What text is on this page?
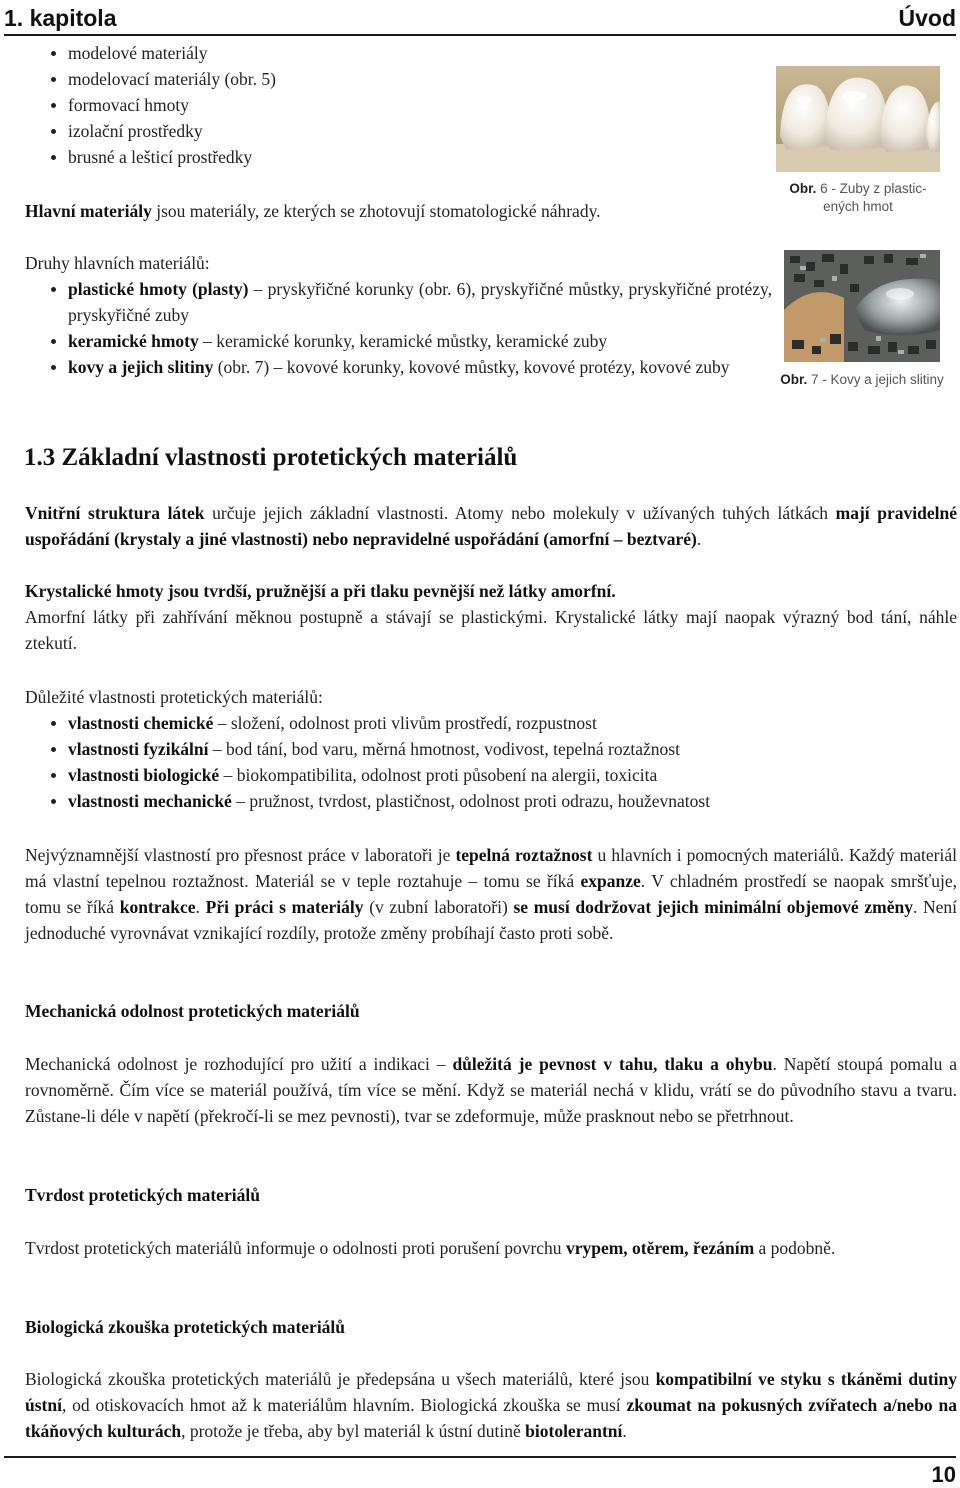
1. kapitola	Úvod
modelové materiály
modelovací materiály (obr. 5)
formovací hmoty
izolační prostředky
brusné a lešticí prostředky

Hlavní materiály jsou materiály, ze kterých se zhotovují stomatologické náhrady.

Druhy hlavních materiálů:

plastické hmoty (plasty) – pryskyřičné korunky (obr. 6), pryskyřičné můstky, pryskyřičné protézy, pryskyřičné zuby
keramické hmoty – keramické korunky, keramické můstky, keramické zuby
kovy a jejich slitiny (obr. 7) – kovové korunky, kovové můstky, kovové protézy, kovové zuby
Obr. 6 - Zuby z plastic-ených hmot
Obr. 7 - Kovy a jejich slitiny
1.3 Základní vlastnosti protetických materiálů

Vnitřní struktura látek určuje jejich základní vlastnosti. Atomy nebo molekuly v užívaných tuhých látkách mají pravidelné uspořádání (krystaly a jiné vlastnosti) nebo nepravidelné uspořádání (amorfní – beztvaré).

Krystalické hmoty jsou tvrdší, pružnější a při tlaku pevnější než látky amorfní.

Amorfní látky při zahřívání měknou postupně a stávají se plastickými. Krystalické látky mají naopak výrazný bod tání, náhle ztekutí.

Důležité vlastnosti protetických materiálů:

vlastnosti chemické – složení, odolnost proti vlivům prostředí, rozpustnost
vlastnosti fyzikální – bod tání, bod varu, měrná hmotnost, vodivost, tepelná roztažnost
vlastnosti biologické – biokompatibilita, odolnost proti působení na alergii, toxicita
vlastnosti mechanické – pružnost, tvrdost, plastičnost, odolnost proti odrazu, houževnatost

Nejvýznamnější vlastností pro přesnost práce v laboratoři je tepelná roztažnost u hlavních i pomocných materiálů. Každý materiál má vlastní tepelnou roztažnost. Materiál se v teple roztahuje – tomu se říká expanze. V chladném prostředí se naopak smršťuje, tomu se říká kontrakce. Při práci s materiály (v zubní laboratoři) se musí dodržovat jejich minimální objemové změny. Není jednoduché vyrovnávat vznikající rozdíly, protože změny probíhají často proti sobě.

Mechanická odolnost protetických materiálů

Mechanická odolnost je rozhodující pro užití a indikaci – důležitá je pevnost v tahu, tlaku a ohybu. Napětí stoupá pomalu a rovnoměrně. Čím více se materiál používá, tím více se mění. Když se materiál nechá v klidu, vrátí se do původního stavu a tvaru. Zůstane-li déle v napětí (překročí-li se mez pevnosti), tvar se zdeformuje, může prasknout nebo se přetrhnout.

Tvrdost protetických materiálů

Tvrdost protetických materiálů informuje o odolnosti proti porušení povrchu vrypem, otěrem, řezáním a podobně.

Biologická zkouška protetických materiálů

Biologická zkouška protetických materiálů je předepsána u všech materiálů, které jsou kompatibilní ve styku s tkáněmi dutiny ústní, od otiskovacích hmot až k materiálům hlavním. Biologická zkouška se musí zkoumat na pokusných zvířatech a/nebo na tkáňových kulturách, protože je třeba, aby byl materiál k ústní dutině biotolerantní.

10
